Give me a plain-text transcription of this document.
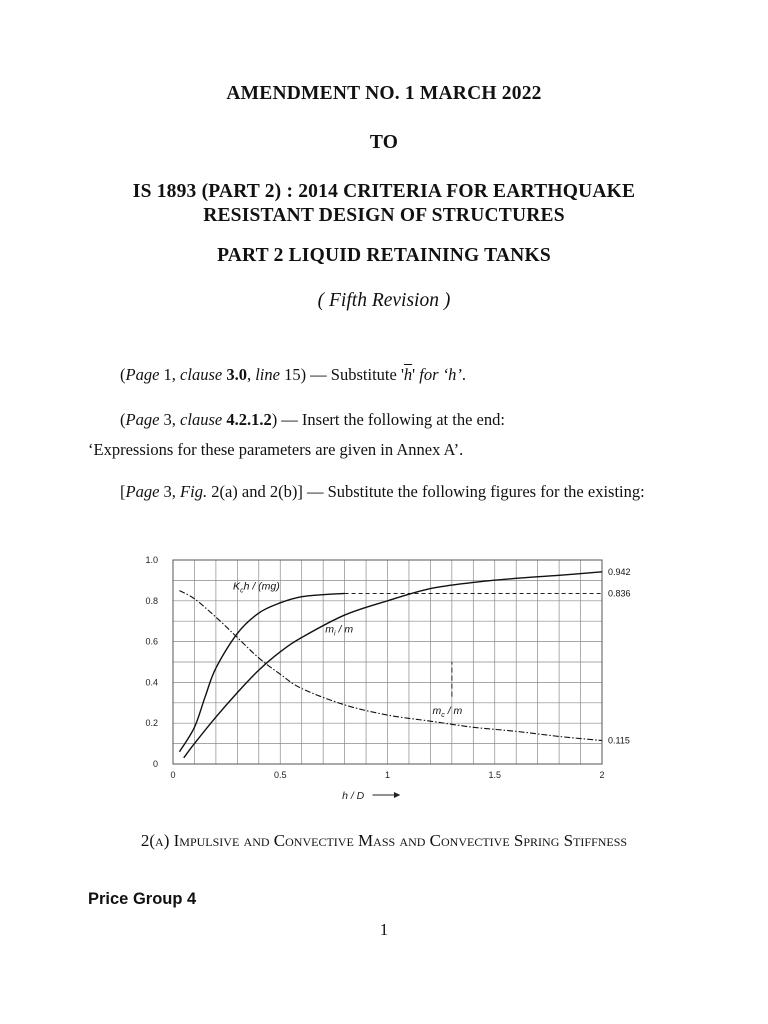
AMENDMENT NO. 1 MARCH 2022
TO
IS 1893 (PART 2) : 2014 CRITERIA FOR EARTHQUAKE
RESISTANT DESIGN OF STRUCTURES
PART 2 LIQUID RETAINING TANKS
( Fifth Revision )
(Page 1, clause 3.0, line 15) — Substitute '$\overline{h}$' for ‘h’.
(Page 3, clause 4.2.1.2) — Insert the following at the end:
‘Expressions for these parameters are given in Annex A’.
[Page 3, Fig. 2(a) and 2(b)] — Substitute the following figures for the existing:
0
0.2
0.4
0.6
0.8
1.0
0	0.5	1	1.5	2
h / D
$K_ch / (mg)$
$m_i$ / m
$m_c$ / m
0.942
0.836
0.115
2(a) Impulsive and Convective Mass and Convective Spring Stiffness
Price Group 4
1
